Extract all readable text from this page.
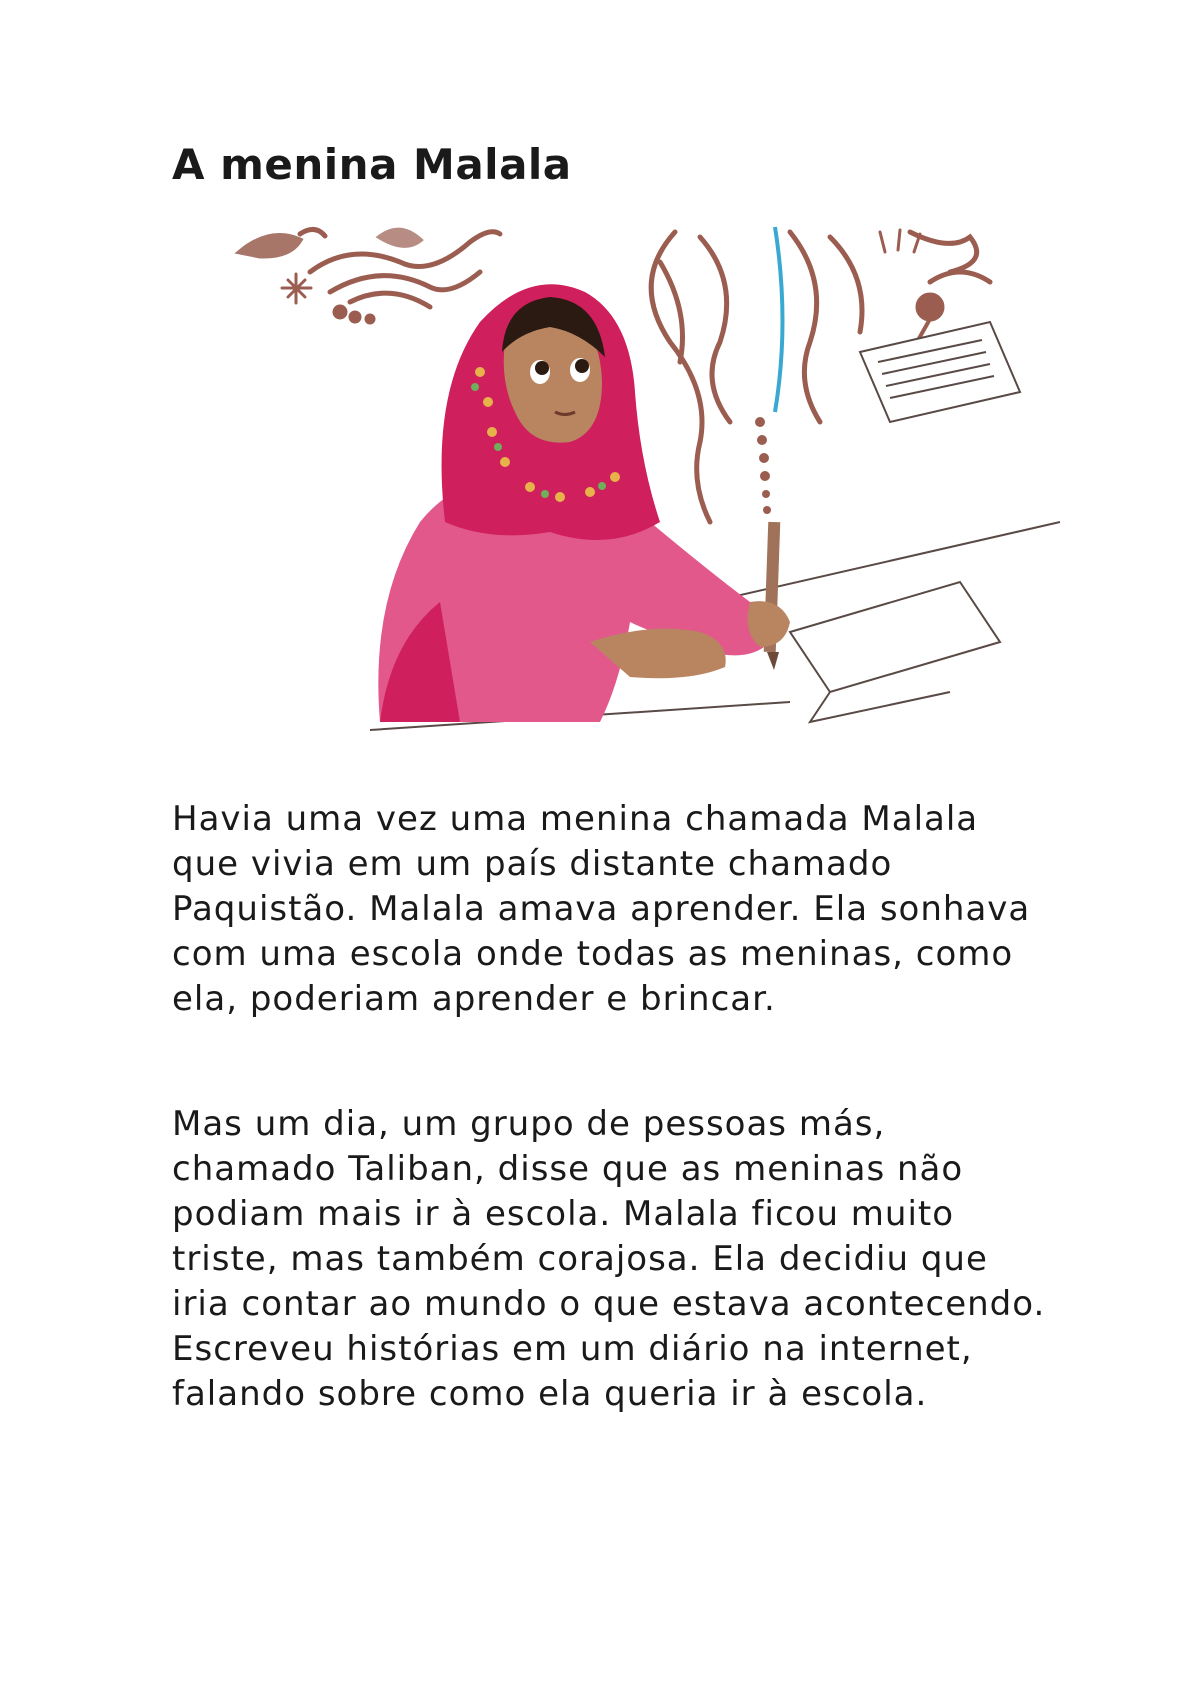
A menina Malala

Havia uma vez uma menina chamada Malala que vivia em um país distante chamado Paquistão. Malala amava aprender. Ela sonhava com uma escola onde todas as meninas, como ela, poderiam aprender e brincar.

Mas um dia, um grupo de pessoas más, chamado Taliban, disse que as meninas não podiam mais ir à escola. Malala ficou muito triste, mas também corajosa. Ela decidiu que iria contar ao mundo o que estava acontecendo. Escreveu histórias em um diário na internet, falando sobre como ela queria ir à escola.
